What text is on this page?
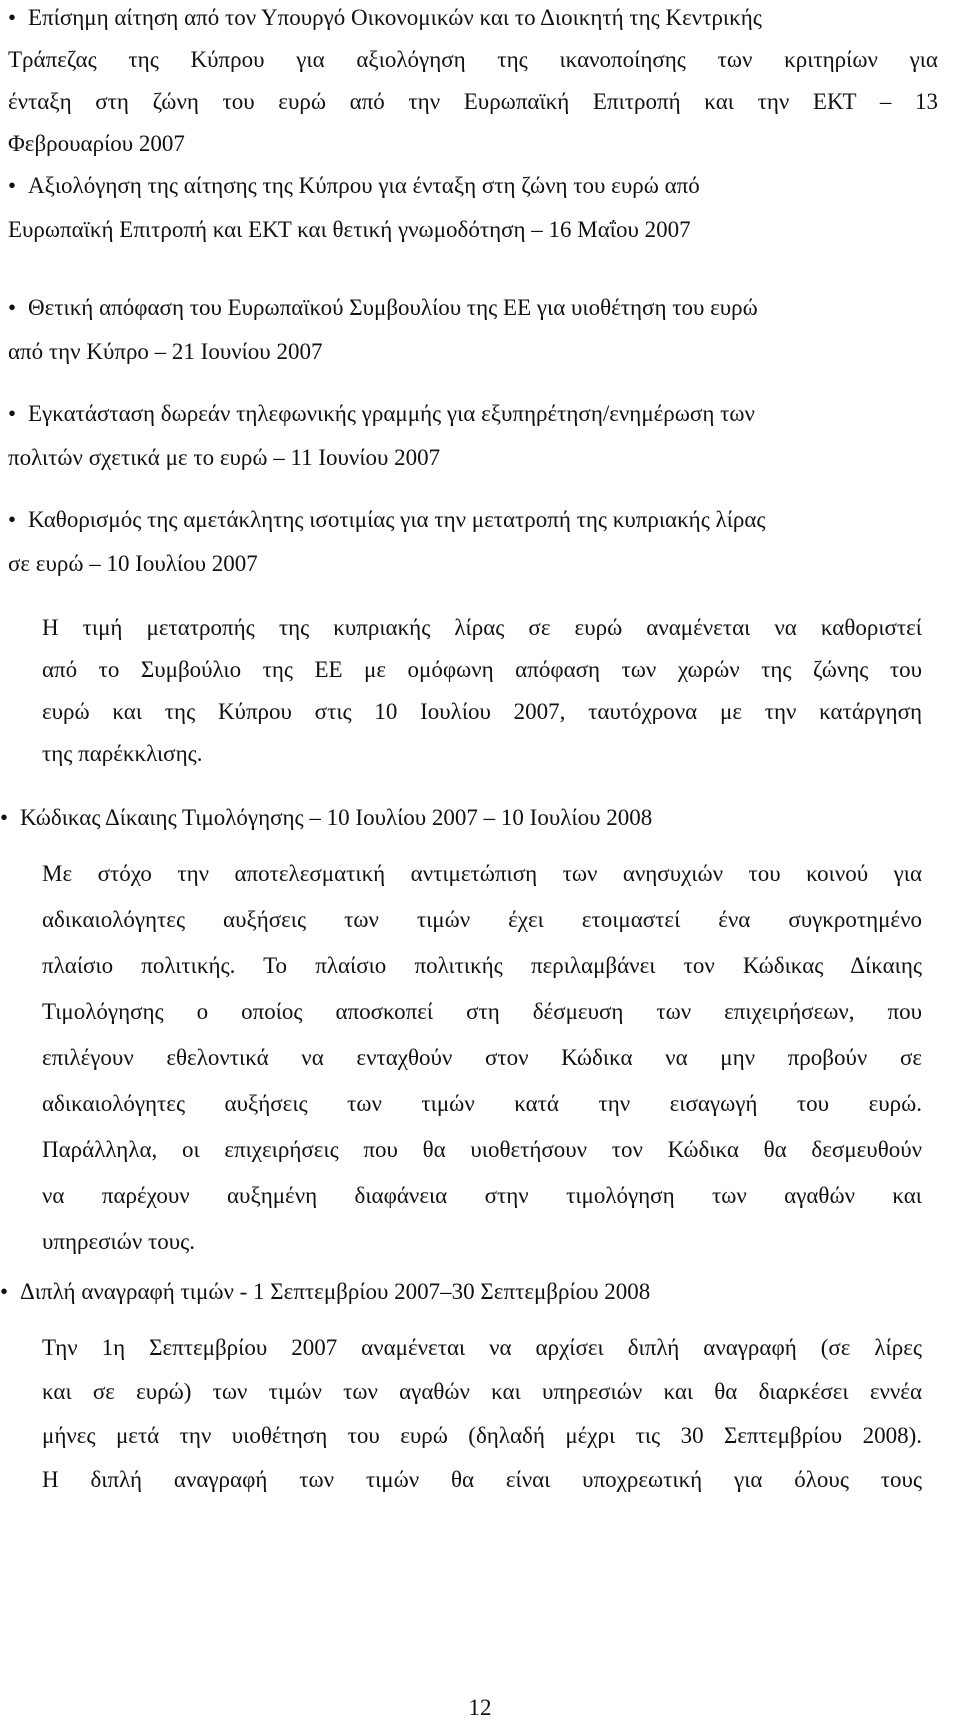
• Επίσημη αίτηση από τον Υπουργό Οικονομικών και το Διοικητή της Κεντρικής
Τράπεζας της Κύπρου για αξιολόγηση της ικανοποίησης των κριτηρίων για
ένταξη στη ζώνη του ευρώ από την Ευρωπαϊκή Επιτροπή και την ΕΚΤ – 13
Φεβρουαρίου 2007
• Αξιολόγηση της αίτησης της Κύπρου για ένταξη στη ζώνη του ευρώ από
Ευρωπαϊκή Επιτροπή και ΕΚΤ και θετική γνωμοδότηση – 16 Μαΐου 2007
• Θετική απόφαση του Ευρωπαϊκού Συμβουλίου της ΕΕ για υιοθέτηση του ευρώ
από την Κύπρο – 21 Ιουνίου 2007
• Εγκατάσταση δωρεάν τηλεφωνικής γραμμής για εξυπηρέτηση/ενημέρωση των
πολιτών σχετικά με το ευρώ – 11 Ιουνίου 2007
• Καθορισμός της αμετάκλητης ισοτιμίας για την μετατροπή της κυπριακής λίρας
σε ευρώ – 10 Ιουλίου 2007
Η τιμή μετατροπής της κυπριακής λίρας σε ευρώ αναμένεται να καθοριστεί
από το Συμβούλιο της ΕΕ με ομόφωνη απόφαση των χωρών της ζώνης του
ευρώ και της Κύπρου στις 10 Ιουλίου 2007, ταυτόχρονα με την κατάργηση
της παρέκκλισης.
• Κώδικας Δίκαιης Τιμολόγησης – 10 Ιουλίου 2007 – 10 Ιουλίου 2008
Με στόχο την αποτελεσματική αντιμετώπιση των ανησυχιών του κοινού για
αδικαιολόγητες αυξήσεις των τιμών έχει ετοιμαστεί ένα συγκροτημένο
πλαίσιο πολιτικής. Το πλαίσιο πολιτικής περιλαμβάνει τον Κώδικας Δίκαιης
Τιμολόγησης ο οποίος αποσκοπεί στη δέσμευση των επιχειρήσεων, που
επιλέγουν εθελοντικά να ενταχθούν στον Κώδικα να μην προβούν σε
αδικαιολόγητες αυξήσεις των τιμών κατά την εισαγωγή του ευρώ.
Παράλληλα, οι επιχειρήσεις που θα υιοθετήσουν τον Κώδικα θα δεσμευθούν
να παρέχουν αυξημένη διαφάνεια στην τιμολόγηση των αγαθών και
υπηρεσιών τους.
• Διπλή αναγραφή τιμών - 1 Σεπτεμβρίου 2007–30 Σεπτεμβρίου 2008
Την 1η Σεπτεμβρίου 2007 αναμένεται να αρχίσει διπλή αναγραφή (σε λίρες
και σε ευρώ) των τιμών των αγαθών και υπηρεσιών και θα διαρκέσει εννέα
μήνες μετά την υιοθέτηση του ευρώ (δηλαδή μέχρι τις 30 Σεπτεμβρίου 2008).
Η διπλή αναγραφή των τιμών θα είναι υποχρεωτική για όλους τους
12
